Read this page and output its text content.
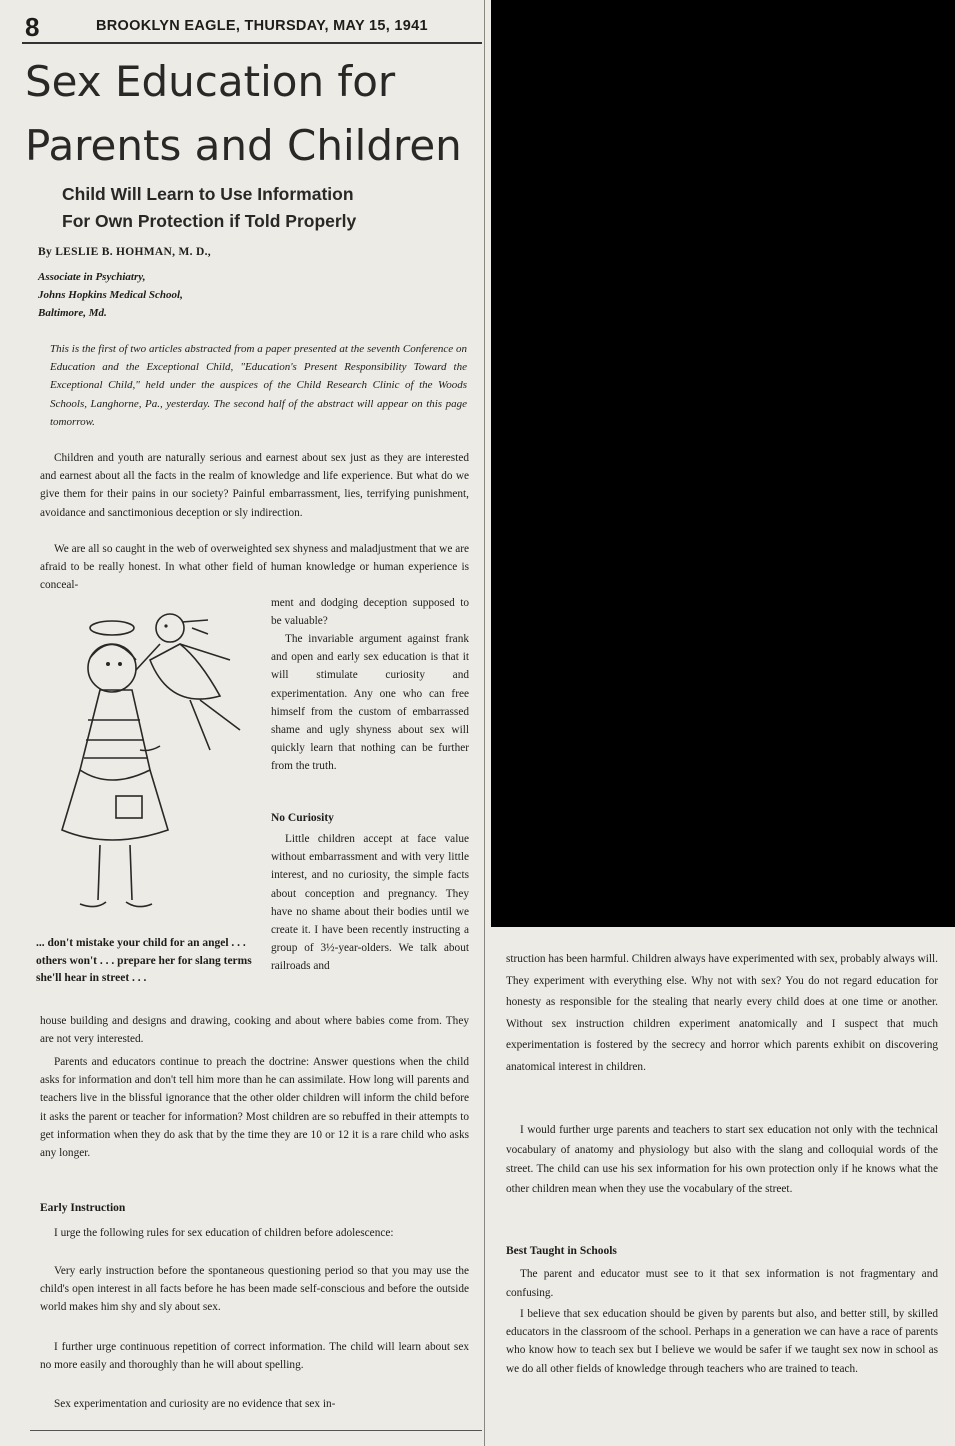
8	BROOKLYN EAGLE, THURSDAY, MAY 15, 1941
Sex Education for
Parents and Children
Child Will Learn to Use Information
For Own Protection if Told Properly
By LESLIE B. HOHMAN, M. D.,
Associate in Psychiatry,
Johns Hopkins Medical School,
Baltimore, Md.

This is the first of two articles abstracted from a paper presented at the seventh Conference on Education and the Exceptional Child, "Education's Present Responsibility Toward the Exceptional Child," held under the auspices of the Child Research Clinic of the Woods Schools, Langhorne, Pa., yesterday. The second half of the abstract will appear on this page tomorrow.

Children and youth are naturally serious and earnest about sex just as they are interested and earnest about all the facts in the realm of knowledge and life experience. But what do we give them for their pains in our society? Painful embarrassment, lies, terrifying punishment, avoidance and sanctimonious deception or sly indirection.

We are all so caught in the web of overweighted sex shyness and maladjustment that we are afraid to be really honest. In what other field of human knowledge or human experience is conceal-

ment and dodging deception supposed to be valuable?

The invariable argument against frank and open and early sex education is that it will stimulate curiosity and experimentation. Any one who can free himself from the custom of embarrassed shame and ugly shyness about sex will quickly learn that nothing can be further from the truth.

No Curiosity

Little children accept at face value without embarrassment and with very little interest, and no curiosity, the simple facts about conception and pregnancy. They have no shame about their bodies until we create it. I have been recently instructing a group of 3½-year-olders. We talk about railroads and

... don't mistake your child for an angel . . . others won't . . . prepare her for slang terms she'll hear in street . . .

house building and designs and drawing, cooking and about where babies come from. They are not very interested.

Parents and educators continue to preach the doctrine: Answer questions when the child asks for information and don't tell him more than he can assimilate. How long will parents and teachers live in the blissful ignorance that the other older children will inform the child before it asks the parent or teacher for information? Most children are so rebuffed in their attempts to get information when they do ask that by the time they are 10 or 12 it is a rare child who asks any longer.

Early Instruction

I urge the following rules for sex education of children before adolescence:

Very early instruction before the spontaneous questioning period so that you may use the child's open interest in all facts before he has been made self-conscious and before the outside world makes him shy and sly about sex.

I further urge continuous repetition of correct information. The child will learn about sex no more easily and thoroughly than he will about spelling.

Sex experimentation and curiosity are no evidence that sex in-

struction has been harmful. Children always have experimented with sex, probably always will. They experiment with everything else. Why not with sex? You do not regard education for honesty as responsible for the stealing that nearly every child does at one time or another. Without sex instruction children experiment anatomically and I suspect that much experimentation is fostered by the secrecy and horror which parents exhibit on discovering anatomical interest in children.

I would further urge parents and teachers to start sex education not only with the technical vocabulary of anatomy and physiology but also with the slang and colloquial words of the street. The child can use his sex information for his own protection only if he knows what the other children mean when they use the vocabulary of the street.

Best Taught in Schools

The parent and educator must see to it that sex information is not fragmentary and confusing.

I believe that sex education should be given by parents but also, and better still, by skilled educators in the classroom of the school. Perhaps in a generation we can have a race of parents who know how to teach sex but I believe we would be safer if we taught sex now in school as we do all other fields of knowledge through teachers who are trained to teach.
